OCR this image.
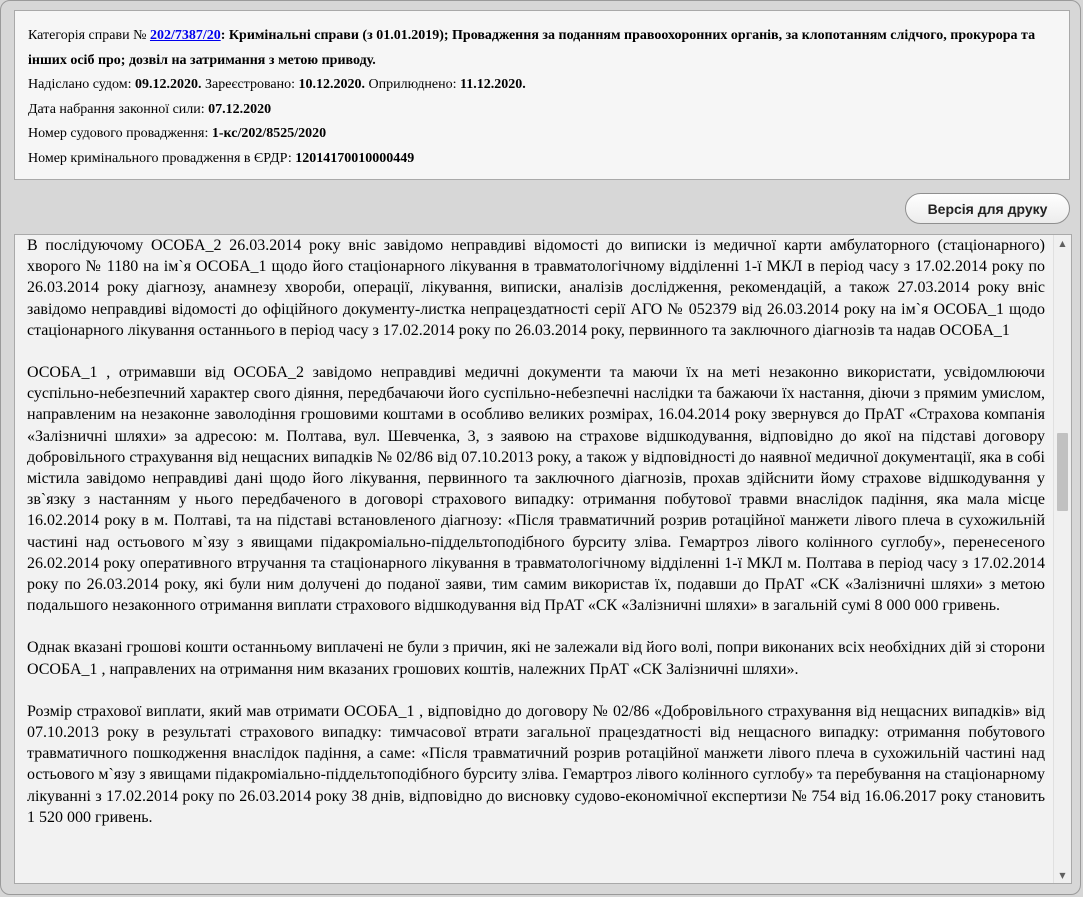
Категорія справи № 202/7387/20: Кримінальні справи (з 01.01.2019); Провадження за поданням правоохоронних органів, за клопотанням слідчого, прокурора та інших осіб про; дозвіл на затримання з метою приводу.

Надіслано судом: 09.12.2020. Зареєстровано: 10.12.2020. Оприлюднено: 11.12.2020.

Дата набрання законної сили: 07.12.2020

Номер судового провадження: 1-кс/202/8525/2020

Номер кримінального провадження в ЄРДР: 12014170010000449

Версія для друку

В послідуючому ОСОБА_2 26.03.2014 року вніс завідомо неправдиві відомості до виписки із медичної карти амбулаторного (стаціонарного) хворого № 1180 на ім`я ОСОБА_1 щодо його стаціонарного лікування в травматологічному відділенні 1-ї МКЛ в період часу з 17.02.2014 року по 26.03.2014 року діагнозу, анамнезу хвороби, операції, лікування, виписки, аналізів дослідження, рекомендацій, а також 27.03.2014 року вніс завідомо неправдиві відомості до офіційного документу-листка непрацездатності серії АГО № 052379 від 26.03.2014 року на ім`я ОСОБА_1 щодо стаціонарного лікування останнього в період часу з 17.02.2014 року по 26.03.2014 року, первинного та заключного діагнозів та надав ОСОБА_1

ОСОБА_1 , отримавши від ОСОБА_2 завідомо неправдиві медичні документи та маючи їх на меті незаконно використати, усвідомлюючи суспільно-небезпечний характер свого діяння, передбачаючи його суспільно-небезпечні наслідки та бажаючи їх настання, діючи з прямим умислом, направленим на незаконне заволодіння грошовими коштами в особливо великих розмірах, 16.04.2014 року звернувся до ПрАТ «Страхова компанія «Залізничні шляхи» за адресою: м. Полтава, вул. Шевченка, 3, з заявою на страхове відшкодування, відповідно до якої на підставі договору добровільного страхування від нещасних випадків № 02/86 від 07.10.2013 року, а також у відповідності до наявної медичної документації, яка в собі містила завідомо неправдиві дані щодо його лікування, первинного та заключного діагнозів, прохав здійснити йому страхове відшкодування у зв`язку з настанням у нього передбаченого в договорі страхового випадку: отримання побутової травми внаслідок падіння, яка мала місце 16.02.2014 року в м. Полтаві, та на підставі встановленого діагнозу: «Після травматичний розрив ротаційної манжети лівого плеча в сухожильній частині над остьового м`язу з явищами підакроміально-піддельтоподібного бурситу зліва. Гемартроз лівого колінного суглобу», перенесеного 26.02.2014 року оперативного втручання та стаціонарного лікування в травматологічному відділенні 1-ї МКЛ м. Полтава в період часу з 17.02.2014 року по 26.03.2014 року, які були ним долучені до поданої заяви, тим самим використав їх, подавши до ПрАТ «СК «Залізничні шляхи» з метою подальшого незаконного отримання виплати страхового відшкодування від ПрАТ «СК «Залізничні шляхи» в загальній сумі 8 000 000 гривень.

Однак вказані грошові кошти останньому виплачені не були з причин, які не залежали від його волі, попри виконаних всіх необхідних дій зі сторони ОСОБА_1 , направлених на отримання ним вказаних грошових коштів, належних ПрАТ «СК Залізничні шляхи».

Розмір страхової виплати, який мав отримати ОСОБА_1 , відповідно до договору № 02/86 «Добровільного страхування від нещасних випадків» від 07.10.2013 року в результаті страхового випадку: тимчасової втрати загальної працездатності від нещасного випадку: отримання побутового травматичного пошкодження внаслідок падіння, а саме: «Після травматичний розрив ротаційної манжети лівого плеча в сухожильній частині над остьового м`язу з явищами підакроміально-піддельтоподібного бурситу зліва. Гемартроз лівого колінного суглобу» та перебування на стаціонарному лікуванні з 17.02.2014 року по 26.03.2014 року 38 днів, відповідно до висновку судово-економічної експертизи № 754 від 16.06.2017 року становить 1 520 000 гривень.

▲
▼
